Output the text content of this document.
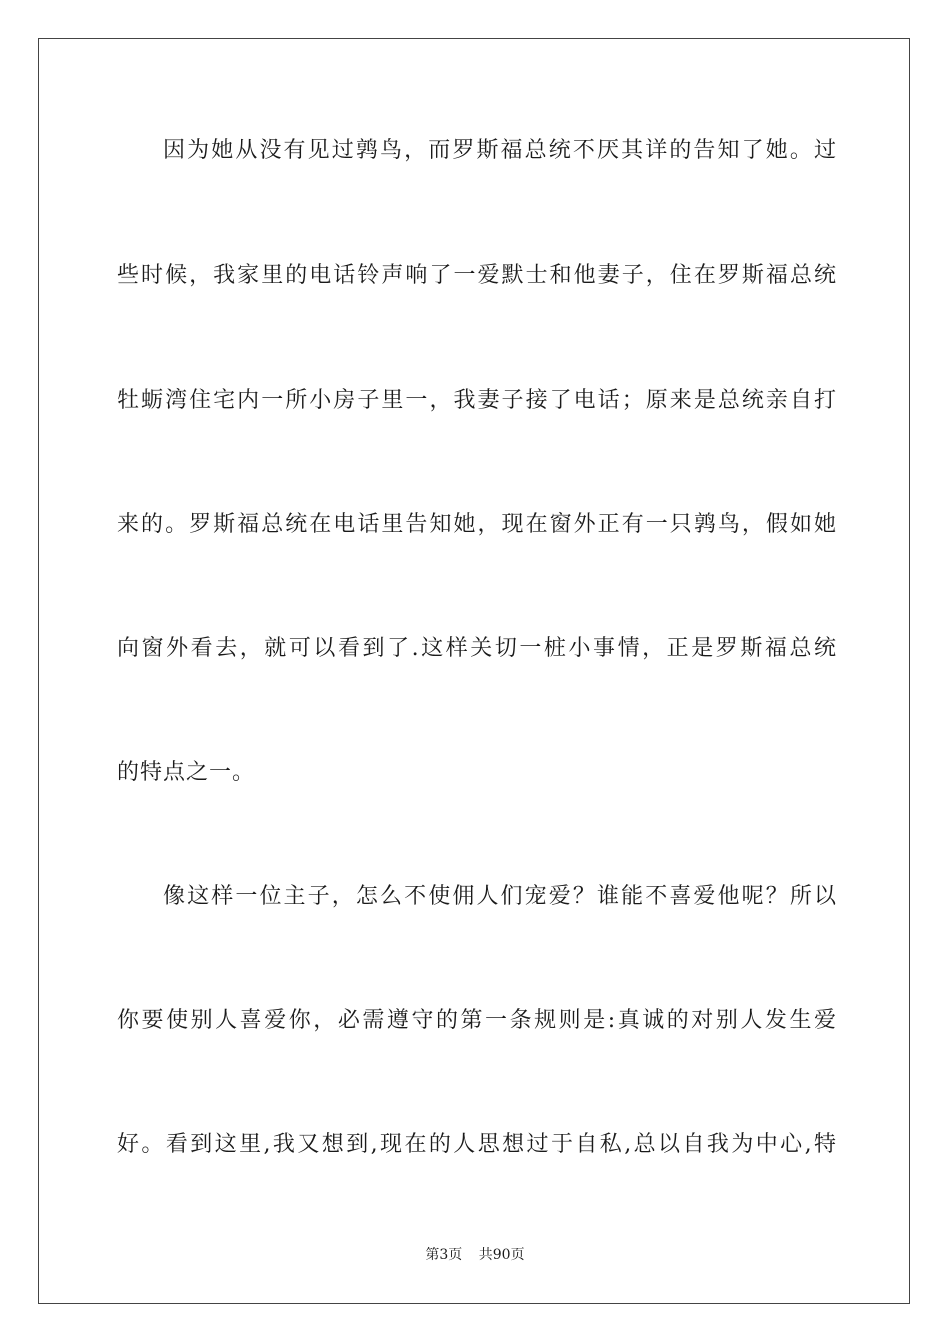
因为她从没有见过鹑鸟，而罗斯福总统不厌其详的告知了她。过
些时候，我家里的电话铃声响了一爱默士和他妻子，住在罗斯福总统
牡蛎湾住宅内一所小房子里一，我妻子接了电话；原来是总统亲自打
来的。罗斯福总统在电话里告知她，现在窗外正有一只鹑鸟，假如她
向窗外看去，就可以看到了.这样关切一桩小事情，正是罗斯福总统
的特点之一。
像这样一位主子，怎么不使佣人们宠爱？谁能不喜爱他呢？所以
你要使别人喜爱你，必需遵守的第一条规则是:真诚的对别人发生爱
好。看到这里,我又想到,现在的人思想过于自私,总以自我为中心,特
第3页 共90页
